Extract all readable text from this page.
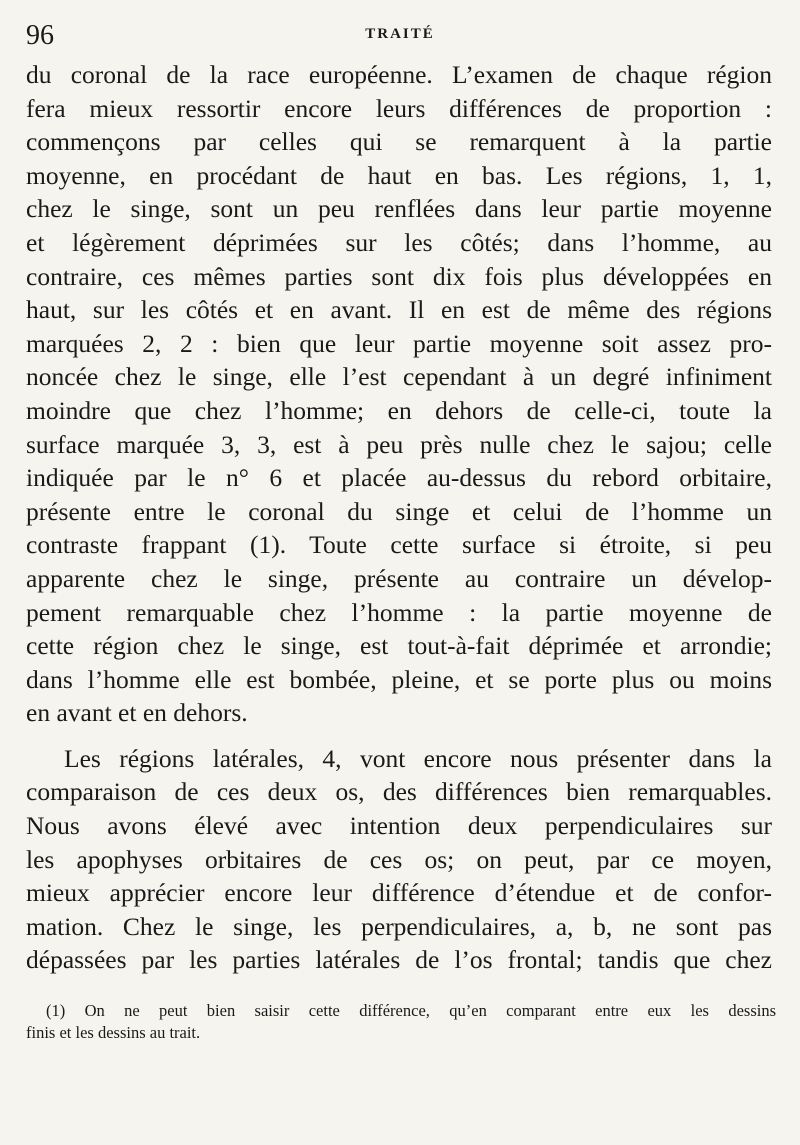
96	TRAITÉ
du coronal de la race européenne. L’examen de chaque région
fera mieux ressortir encore leurs différences de proportion :
commençons par celles qui se remarquent à la partie
moyenne, en procédant de haut en bas. Les régions, 1, 1,
chez le singe, sont un peu renflées dans leur partie moyenne
et légèrement déprimées sur les côtés; dans l’homme, au
contraire, ces mêmes parties sont dix fois plus développées en
haut, sur les côtés et en avant. Il en est de même des régions
marquées 2, 2 : bien que leur partie moyenne soit assez pro-
noncée chez le singe, elle l’est cependant à un degré infiniment
moindre que chez l’homme; en dehors de celle-ci, toute la
surface marquée 3, 3, est à peu près nulle chez le sajou; celle
indiquée par le n° 6 et placée au-dessus du rebord orbitaire,
présente entre le coronal du singe et celui de l’homme un
contraste frappant (1). Toute cette surface si étroite, si peu
apparente chez le singe, présente au contraire un dévelop-
pement remarquable chez l’homme : la partie moyenne de
cette région chez le singe, est tout-à-fait déprimée et arrondie;
dans l’homme elle est bombée, pleine, et se porte plus ou moins
en avant et en dehors.
Les régions latérales, 4, vont encore nous présenter dans la
comparaison de ces deux os, des différences bien remarquables.
Nous avons élevé avec intention deux perpendiculaires sur
les apophyses orbitaires de ces os; on peut, par ce moyen,
mieux apprécier encore leur différence d’étendue et de confor-
mation. Chez le singe, les perpendiculaires, a, b, ne sont pas
dépassées par les parties latérales de l’os frontal; tandis que chez
(1) On ne peut bien saisir cette différence, qu’en comparant entre eux les dessins
finis et les dessins au trait.
